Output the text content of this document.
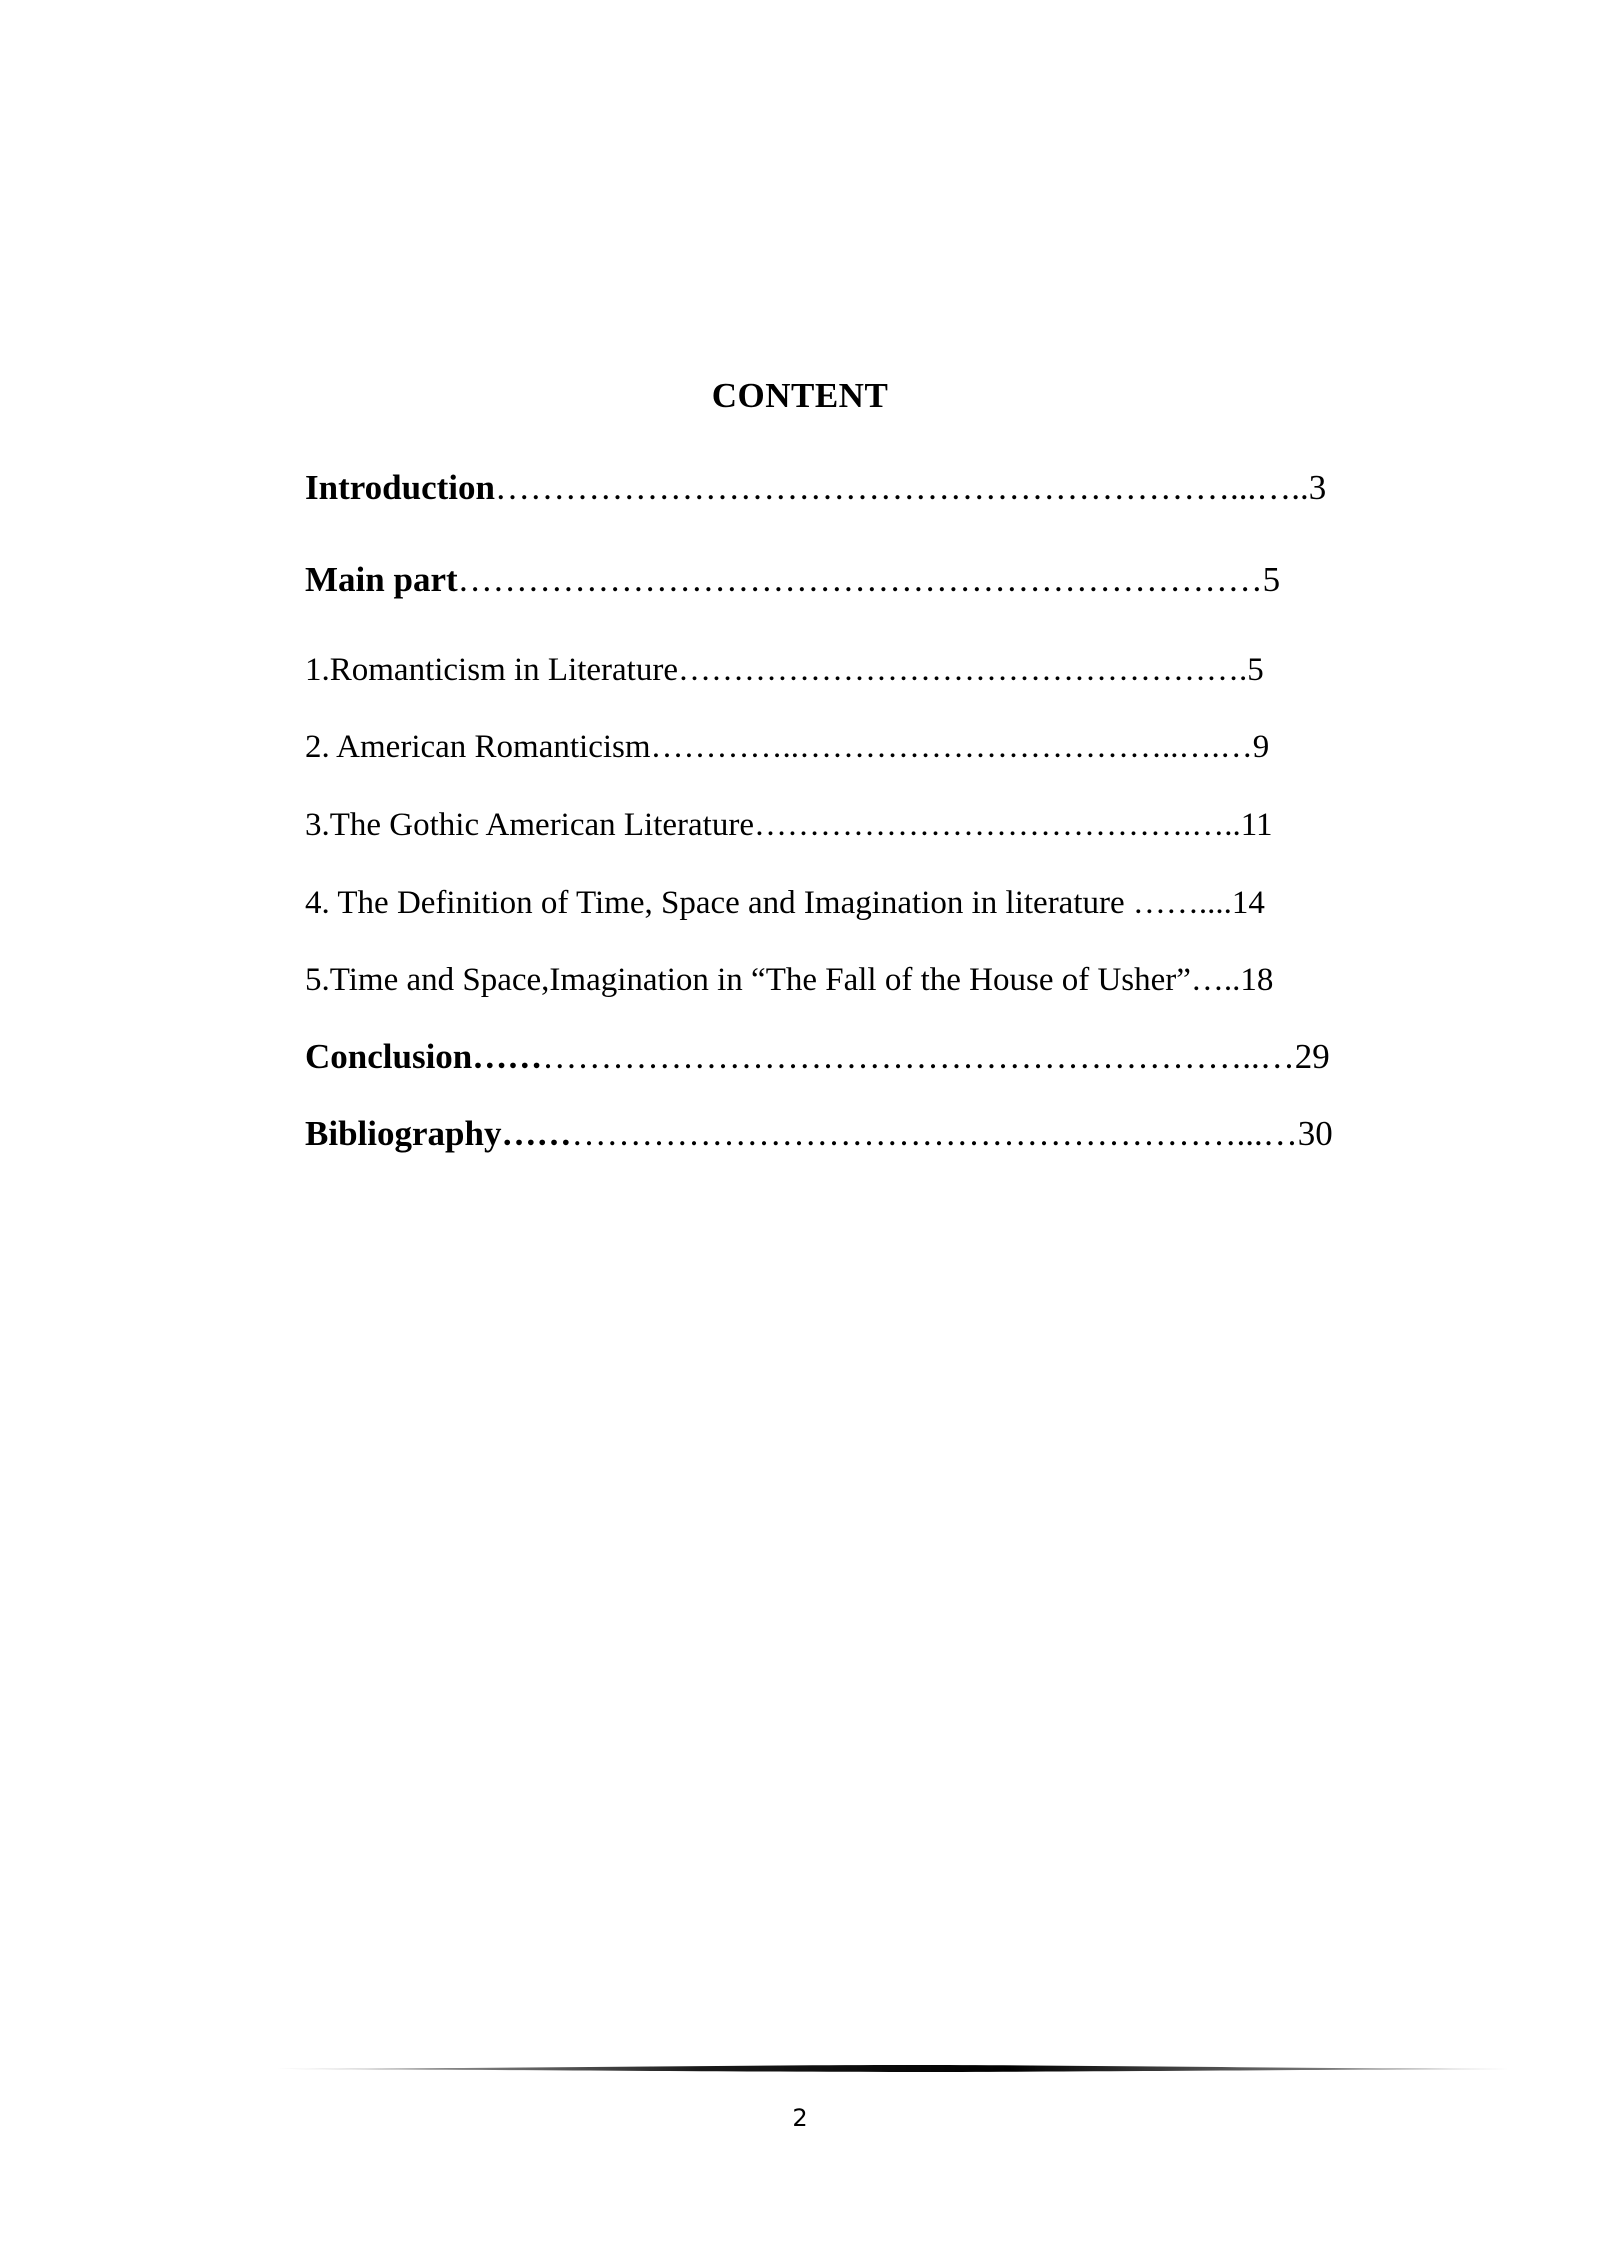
CONTENT
Introduction………………………………………………………...…..3
Main part……………………………………………………………5
1.Romanticism in Literature…………………………………………….5
2. American Romanticism…………..……………………………..….…9
3.The Gothic American Literature………………………………….…..11
4. The Definition of Time, Space and Imagination in literature ……....14
5.Time and Space,Imagination in “The Fall of the House of Usher”…..18
Conclusion…………………………………………………………..…29
Bibliography………………………………………………………...…30
2
